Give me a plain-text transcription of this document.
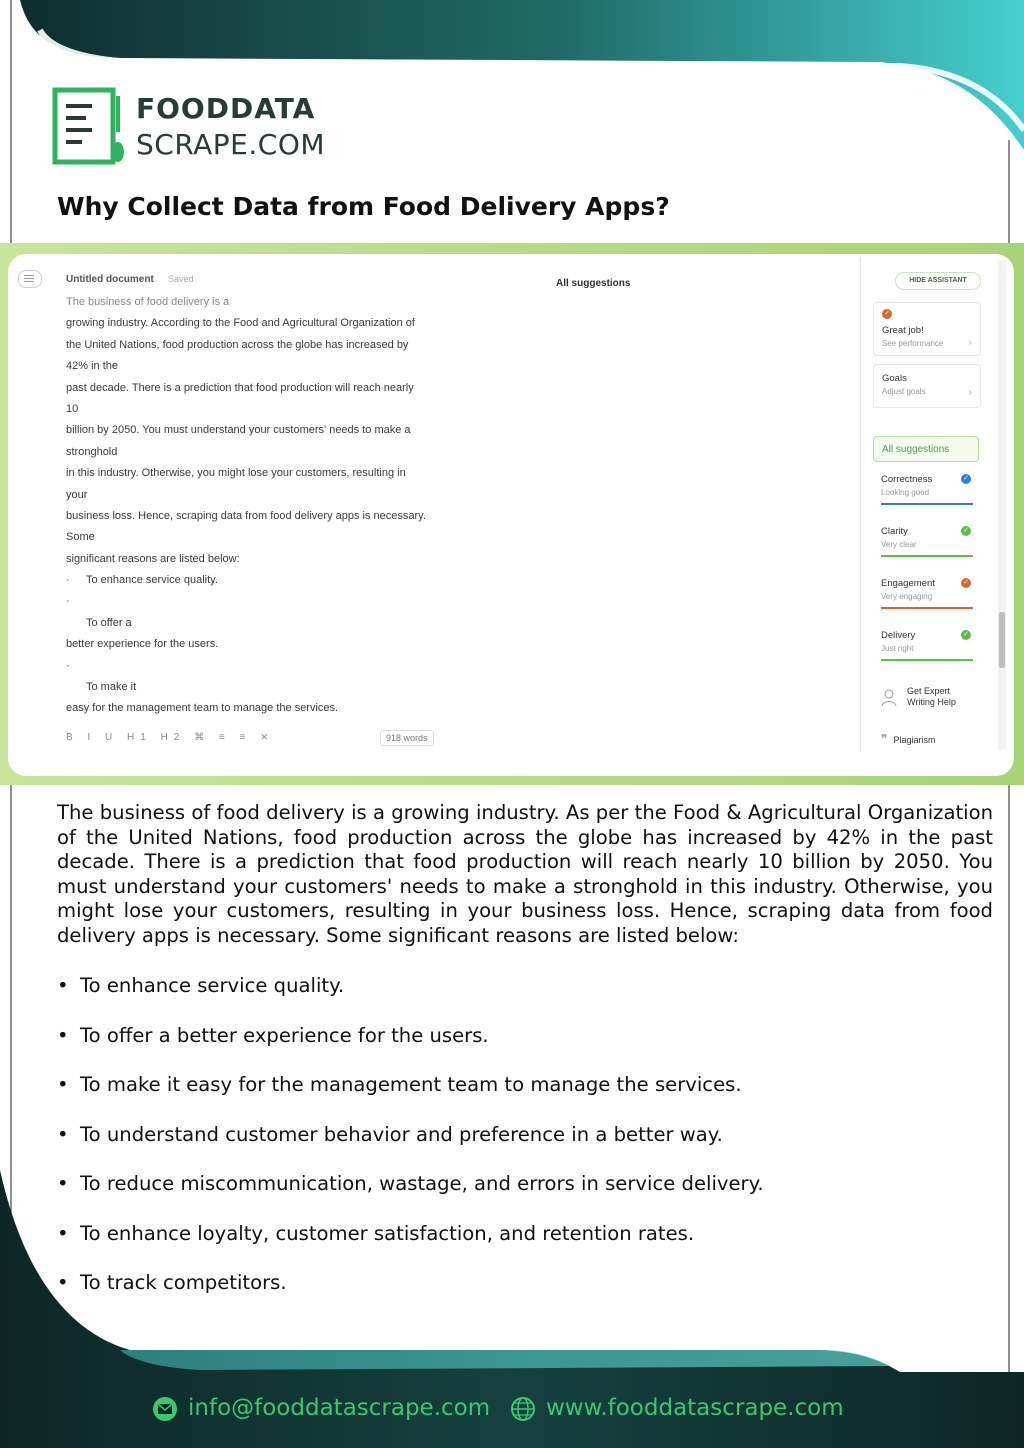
FOODDATA
SCRAPE.COM
Why Collect Data from Food Delivery Apps?
Untitled document Saved	All suggestions
The business of food delivery is a
growing industry. According to the Food and Agricultural Organization of
the United Nations, food production across the globe has increased by
42% in the
past decade. There is a prediction that food production will reach nearly
10
billion by 2050. You must understand your customers' needs to make a
stronghold
in this industry. Otherwise, you might lose your customers, resulting in
your
business loss. Hence, scraping data from food delivery apps is necessary.
Some
significant reasons are listed below:
· To enhance service quality.
·
To offer a
better experience for the users.
·
To make it
easy for the management team to manage the services.
B I U H1 H2 ⌘ ≡ ≡ ⨯	918 words
HIDE ASSISTANT
✓
Great job!
See performance	›
Goals
Adjust goals	›
All suggestions
Correctness
Looking good
✓
Clarity
Very clear
✓
Engagement
Very engaging
✓
Delivery
Just right
✓
Get Expert
Writing Help
❞ Plagiarism

The business of food delivery is a growing industry. As per the Food & Agricultural Organization of the United Nations, food production across the globe has increased by 42% in the past decade. There is a prediction that food production will reach nearly 10 billion by 2050. You must understand your customers' needs to make a stronghold in this industry. Otherwise, you might lose your customers, resulting in your business loss. Hence, scraping data from food delivery apps is necessary. Some significant reasons are listed below:

• To enhance service quality.
• To offer a better experience for the users.
• To make it easy for the management team to manage the services.
• To understand customer behavior and preference in a better way.
• To reduce miscommunication, wastage, and errors in service delivery.
• To enhance loyalty, customer satisfaction, and retention rates.
• To track competitors.
info@fooddatascrape.com	www.fooddatascrape.com
